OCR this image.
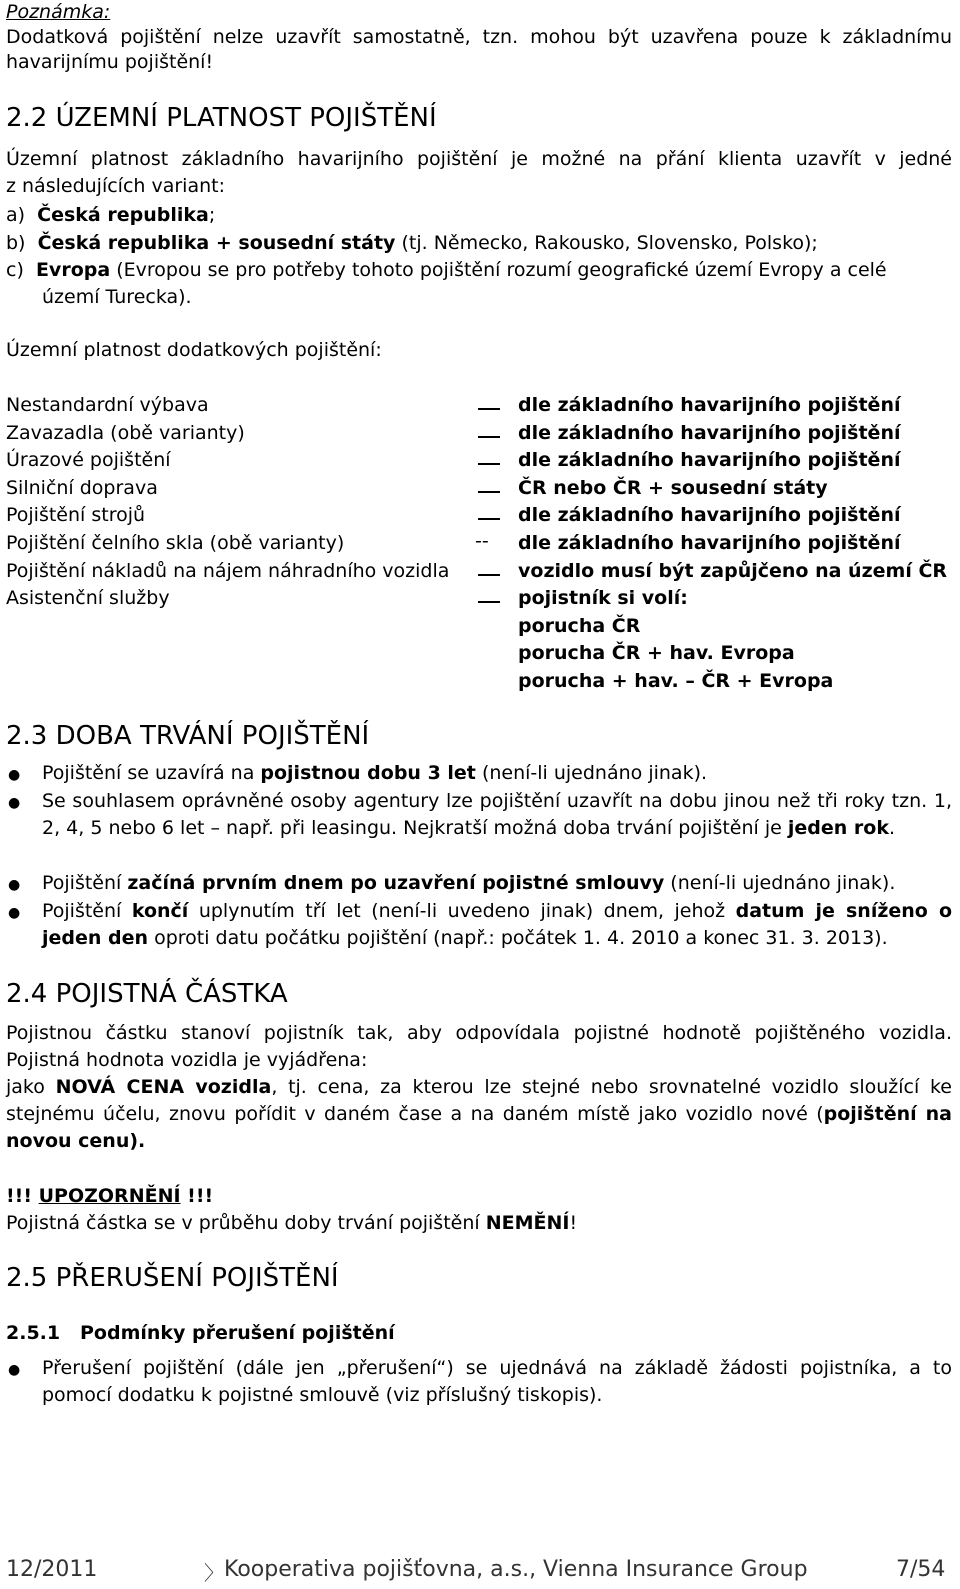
Poznámka:
Dodatková pojištění nelze uzavřít samostatně, tzn. mohou být uzavřena pouze k základnímu
havarijnímu pojištění!
2.2 ÚZEMNÍ PLATNOST POJIŠTĚNÍ
Územní platnost základního havarijního pojištění je možné na přání klienta uzavřít v jedné
z následujících variant:
a) Česká republika;
b) Česká republika + sousední státy (tj. Německo, Rakousko, Slovensko, Polsko);
c) Evropa (Evropou se pro potřeby tohoto pojištění rozumí geografické území Evropy a celé
území Turecka).
Územní platnost dodatkových pojištění:
Nestandardní výbava	dle základního havarijního pojištění
Zavazadla (obě varianty)	dle základního havarijního pojištění
Úrazové pojištění	dle základního havarijního pojištění
Silniční doprava	ČR nebo ČR + sousední státy
Pojištění strojů	dle základního havarijního pojištění
Pojištění čelního skla (obě varianty)	-- dle základního havarijního pojištění
Pojištění nákladů na nájem náhradního vozidla	vozidlo musí být zapůjčeno na území ČR
Asistenční služby	pojistník si volí:
porucha ČR
porucha ČR + hav. Evropa
porucha + hav. – ČR + Evropa
2.3 DOBA TRVÁNÍ POJIŠTĚNÍ
● Pojištění se uzavírá na pojistnou dobu 3 let (není-li ujednáno jinak).
● Se souhlasem oprávněné osoby agentury lze pojištění uzavřít na dobu jinou než tři roky tzn. 1, 2, 4, 5 nebo 6 let – např. při leasingu. Nejkratší možná doba trvání pojištění je jeden rok.
● Pojištění začíná prvním dnem po uzavření pojistné smlouvy (není-li ujednáno jinak).
● Pojištění končí uplynutím tří let (není-li uvedeno jinak) dnem, jehož datum je sníženo o jeden den oproti datu počátku pojištění (např.: počátek 1. 4. 2010 a konec 31. 3. 2013).
2.4 POJISTNÁ ČÁSTKA
Pojistnou částku stanoví pojistník tak, aby odpovídala pojistné hodnotě pojištěného vozidla.
Pojistná hodnota vozidla je vyjádřena:
jako NOVÁ CENA vozidla, tj. cena, za kterou lze stejné nebo srovnatelné vozidlo sloužící ke
stejnému účelu, znovu pořídit v daném čase a na daném místě jako vozidlo nové (pojištění na
novou cenu).
!!! UPOZORNĚNÍ !!!
Pojistná částka se v průběhu doby trvání pojištění NEMĚNÍ!
2.5 PŘERUŠENÍ POJIŠTĚNÍ
2.5.1 Podmínky přerušení pojištění
● Přerušení pojištění (dále jen „přerušení“) se ujednává na základě žádosti pojistníka, a to pomocí dodatku k pojistné smlouvě (viz příslušný tiskopis).
12/2011	〉 Kooperativa pojišťovna, a.s., Vienna Insurance Group	7/54
